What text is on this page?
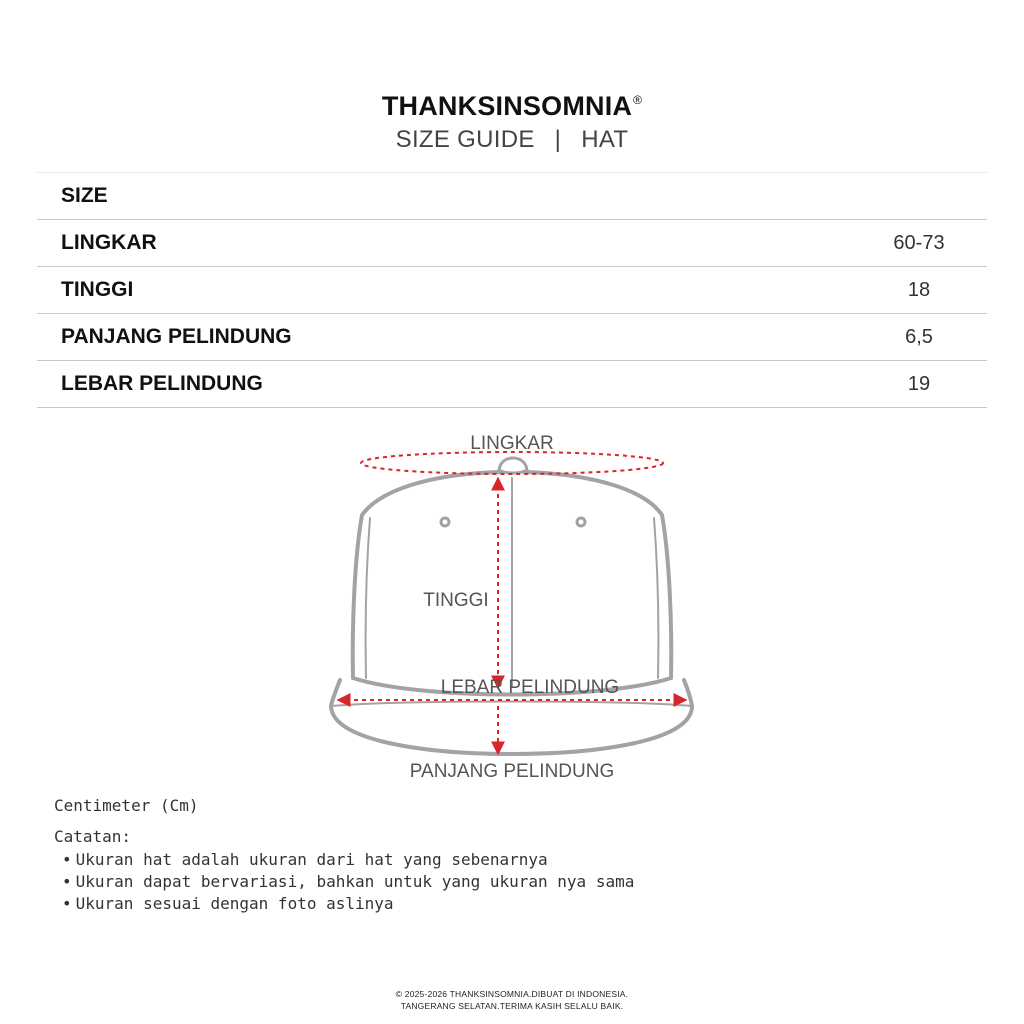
THANKSINSOMNIA®
SIZE GUIDE | HAT
SIZE
LINGKAR	60-73
TINGGI	18
PANJANG PELINDUNG	6,5
LEBAR PELINDUNG	19
LINGKAR
TINGGI
LEBAR PELINDUNG
PANJANG PELINDUNG
Centimeter (Cm)
Catatan:
• Ukuran hat adalah ukuran dari hat yang sebenarnya
• Ukuran dapat bervariasi, bahkan untuk yang ukuran nya sama
• Ukuran sesuai dengan foto aslinya
© 2025-2026 THANKSINSOMNIA.DIBUAT DI INDONESIA.
TANGERANG SELATAN.TERIMA KASIH SELALU BAIK.
